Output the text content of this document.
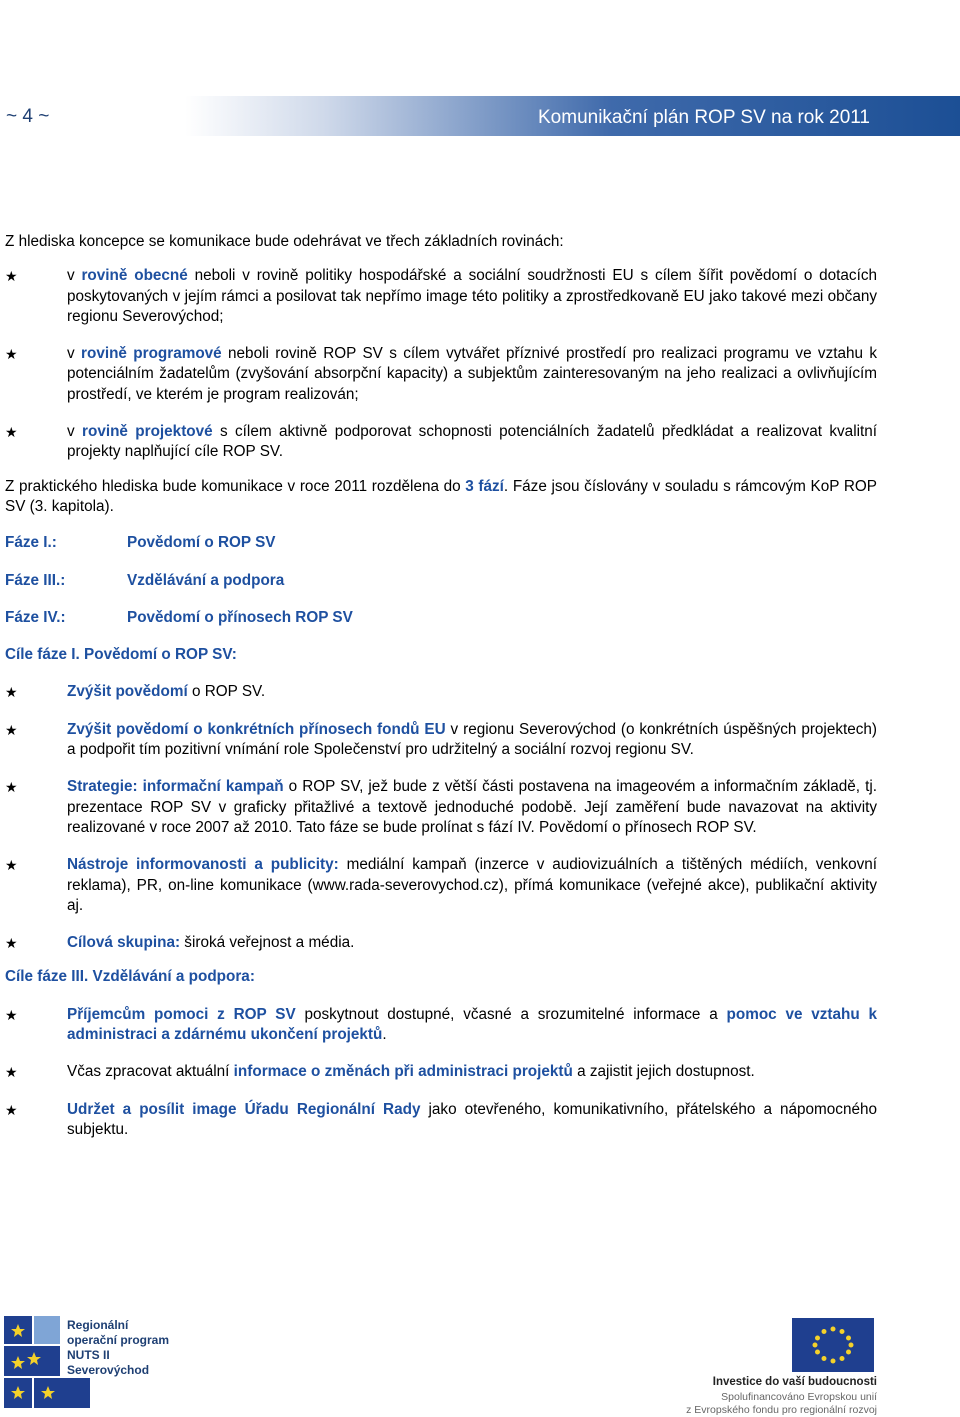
~ 4 ~	Komunikační plán ROP SV na rok 2011

Z hlediska koncepce se komunikace bude odehrávat ve třech základních rovinách:

★	v rovině obecné neboli v rovině politiky hospodářské a sociální soudržnosti EU s cílem šířit povědomí o dotacích poskytovaných v jejím rámci a posilovat tak nepřímo image této politiky a zprostředkovaně EU jako takové mezi občany regionu Severovýchod;
★	v rovině programové neboli rovině ROP SV s cílem vytvářet příznivé prostředí pro realizaci programu ve vztahu k potenciálním žadatelům (zvyšování absorpční kapacity) a subjektům zainteresovaným na jeho realizaci a ovlivňujícím prostředí, ve kterém je program realizován;
★	v rovině projektové s cílem aktivně podporovat schopnosti potenciálních žadatelů předkládat a realizovat kvalitní projekty naplňující cíle ROP SV.

Z praktického hlediska bude komunikace v roce 2011 rozdělena do 3 fází. Fáze jsou číslovány v souladu s rámcovým KoP ROP SV (3. kapitola).

Fáze I.:	Povědomí o ROP SV
Fáze III.:	Vzdělávání a podpora
Fáze IV.:	Povědomí o přínosech ROP SV

Cíle fáze I. Povědomí o ROP SV:

★	Zvýšit povědomí o ROP SV.
★	Zvýšit povědomí o konkrétních přínosech fondů EU v regionu Severovýchod (o konkrétních úspěšných projektech) a podpořit tím pozitivní vnímání role Společenství pro udržitelný a sociální rozvoj regionu SV.
★	Strategie: informační kampaň o ROP SV, jež bude z větší části postavena na imageovém a informačním základě, tj. prezentace ROP SV v graficky přitažlivé a textově jednoduché podobě. Její zaměření bude navazovat na aktivity realizované v roce 2007 až 2010. Tato fáze se bude prolínat s fází IV. Povědomí o přínosech ROP SV.
★	Nástroje informovanosti a publicity: mediální kampaň (inzerce v audiovizuálních a tištěných médiích, venkovní reklama), PR, on-line komunikace (www.rada-severovychod.cz), přímá komunikace (veřejné akce), publikační aktivity aj.
★	Cílová skupina: široká veřejnost a média.

Cíle fáze III. Vzdělávání a podpora:

★	Příjemcům pomoci z ROP SV poskytnout dostupné, včasné a srozumitelné informace a pomoc ve vztahu k administraci a zdárnému ukončení projektů.
★	Včas zpracovat aktuální informace o změnách při administraci projektů a zajistit jejich dostupnost.
★	Udržet a posílit image Úřadu Regionální Rady jako otevřeného, komunikativního, přátelského a nápomocného subjektu.
Regionální
operační program
NUTS II Severovýchod
Investice do vaší budoucnosti
Spolufinancováno Evropskou unií
z Evropského fondu pro regionální rozvoj
